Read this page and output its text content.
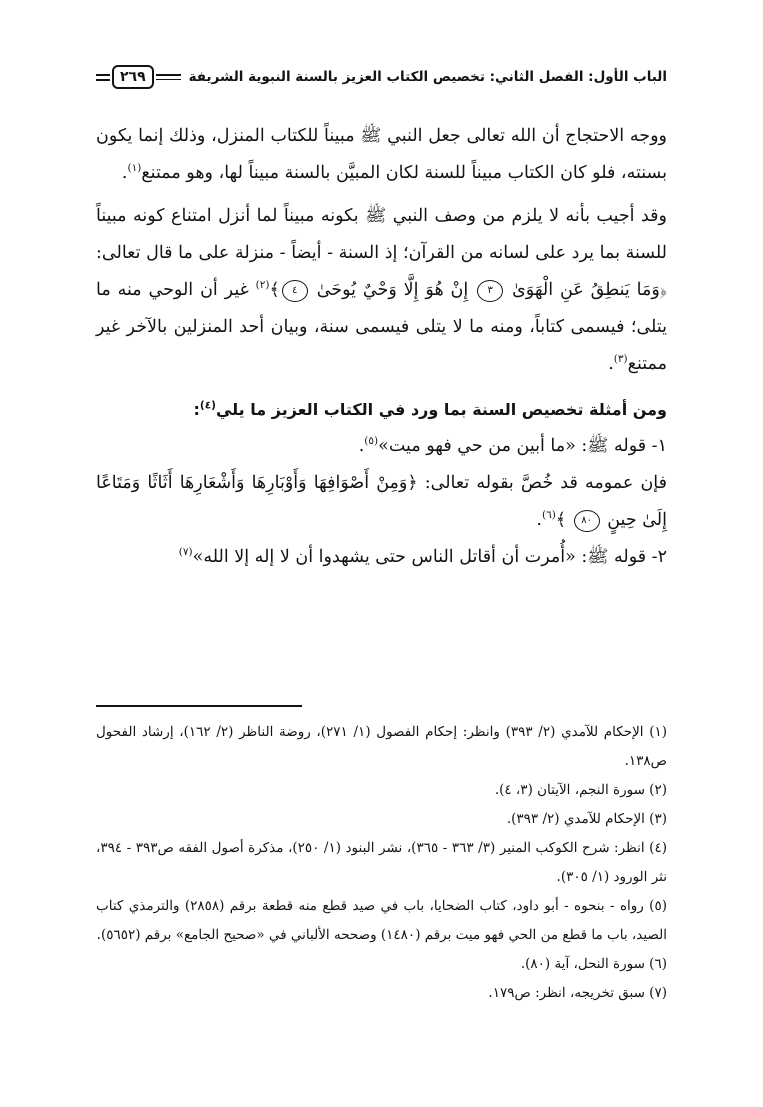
الباب الأول: الفصل الثاني: تخصيص الكتاب العزيز بالسنة النبوية الشريفة
٢٦٩

ووجه الاحتجاج أن الله تعالى جعل النبي ﷺ مبيناً للكتاب المنزل، وذلك إنما يكون بسنته، فلو كان الكتاب مبيناً للسنة لكان المبيَّن بالسنة مبيناً لها، وهو ممتنع$^{(١)}$.

وقد أجيب بأنه لا يلزم من وصف النبي ﷺ بكونه مبيناً لما أنزل امتناع كونه مبيناً للسنة بما يرد على لسانه من القرآن؛ إذ السنة - أيضاً - منزلة على ما قال تعالى: ﴿وَمَا يَنطِقُ عَنِ الْهَوَىٰ ٣ إِنْ هُوَ إِلَّا وَحْيٌ يُوحَىٰ ٤﴾$^{(٢)}$ غير أن الوحي منه ما يتلى؛ فيسمى كتاباً، ومنه ما لا يتلى فيسمى سنة، وبيان أحد المنزلين بالآخر غير ممتنع$^{(٣)}$.

ومن أمثلة تخصيص السنة بما ورد في الكتاب العزيز ما يلي$^{(٤)}$:

١- قوله ﷺ: «ما أبين من حي فهو ميت»$^{(٥)}$.

فإن عمومه قد خُصَّ بقوله تعالى: ﴿وَمِنْ أَصْوَافِهَا وَأَوْبَارِهَا وَأَشْعَارِهَا أَثَاثًا وَمَتَاعًا إِلَىٰ حِينٍ ٨٠ ﴾$^{(٦)}$.

٢- قوله ﷺ: «أُمرت أن أقاتل الناس حتى يشهدوا أن لا إله إلا الله»$^{(٧)}$

(١) الإحكام للآمدي (٢/ ٣٩٣) وانظر: إحكام الفصول (١/ ٢٧١)، روضة الناظر (٢/ ١٦٢)، إرشاد الفحول ص١٣٨.

(٢) سورة النجم، الآيتان (٣، ٤).

(٣) الإحكام للآمدي (٢/ ٣٩٣).

(٤) انظر: شرح الكوكب المنير (٣/ ٣٦٣ - ٣٦٥)، نشر البنود (١/ ٢٥٠)، مذكرة أصول الفقه ص٣٩٣ - ٣٩٤، نثر الورود (١/ ٣٠٥).

(٥) رواه - بنحوه - أبو داود، كتاب الضحايا، باب في صيد قطع منه قطعة برقم (٢٨٥٨) والترمذي كتاب الصيد، باب ما قطع من الحي فهو ميت برقم (١٤٨٠) وصححه الألباني في «صحيح الجامع» برقم (٥٦٥٢).

(٦) سورة النحل، آية (٨٠).

(٧) سبق تخريجه، انظر: ص١٧٩.
